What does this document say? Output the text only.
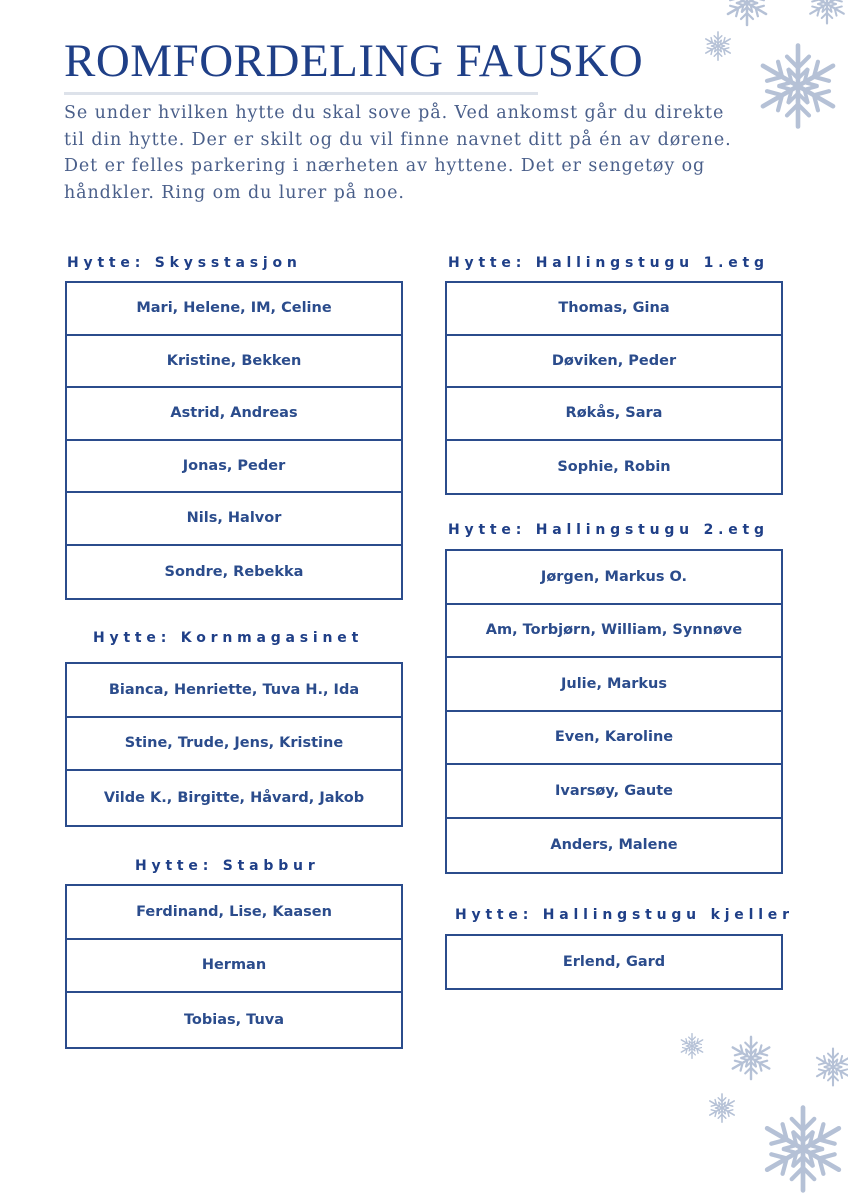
ROMFORDELING FAUSKO
Se under hvilken hytte du skal sove på. Ved ankomst går du direkte til din hytte. Der er skilt og du vil finne navnet ditt på én av dørene. Det er felles parkering i nærheten av hyttene. Det er sengetøy og håndkler. Ring om du lurer på noe.
Hytte: Skysstasjon
Mari, Helene, IM, Celine
Kristine, Bekken
Astrid, Andreas
Jonas, Peder
Nils, Halvor
Sondre, Rebekka
Hytte: Kornmagasinet
Bianca, Henriette, Tuva H., Ida
Stine, Trude, Jens, Kristine
Vilde K., Birgitte, Håvard, Jakob
Hytte: Stabbur
Ferdinand, Lise, Kaasen
Herman
Tobias, Tuva
Hytte: Hallingstugu 1.etg
Thomas, Gina
Døviken, Peder
Røkås, Sara
Sophie, Robin
Hytte: Hallingstugu 2.etg
Jørgen, Markus O.
Am, Torbjørn, William, Synnøve
Julie, Markus
Even, Karoline
Ivarsøy, Gaute
Anders, Malene
Hytte: Hallingstugu kjeller
Erlend, Gard
